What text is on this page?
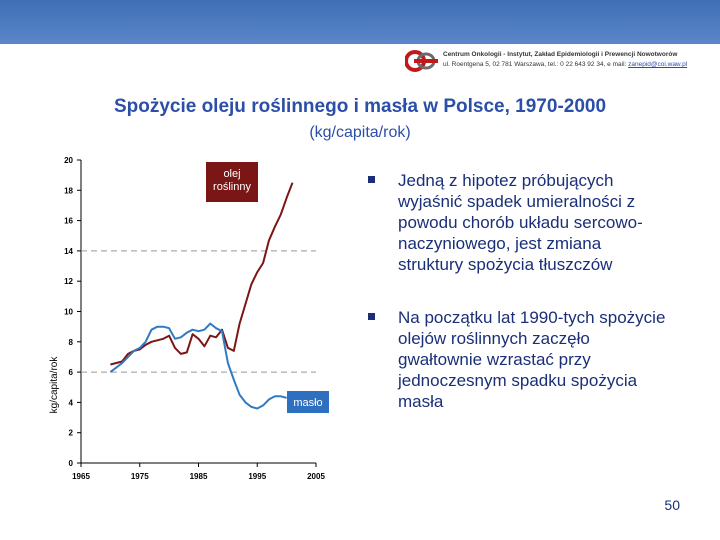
Centrum Onkologii - Instytut, Zakład Epidemiologii i Prewencji Nowotworów
ul. Roentgena 5, 02 781 Warszawa, tel.: 0 22 643 92 34, e mail: zanepid@coi.waw.pl
Spożycie oleju roślinnego i masła w Polsce, 1970-2000
(kg/capita/rok)
0
2
4
6
8
10
12
14
16
18
20
1965	1975	1985	1995	2005
kg/capita/rok
olej
roślinny
masło
Jedną z hipotez próbujących wyjaśnić spadek umieralności z powodu chorób układu sercowo-naczyniowego, jest zmiana struktury spożycia tłuszczów
Na początku lat 1990-tych spożycie olejów roślinnych zaczęło gwałtownie wzrastać przy jednoczesnym spadku spożycia masła
50
